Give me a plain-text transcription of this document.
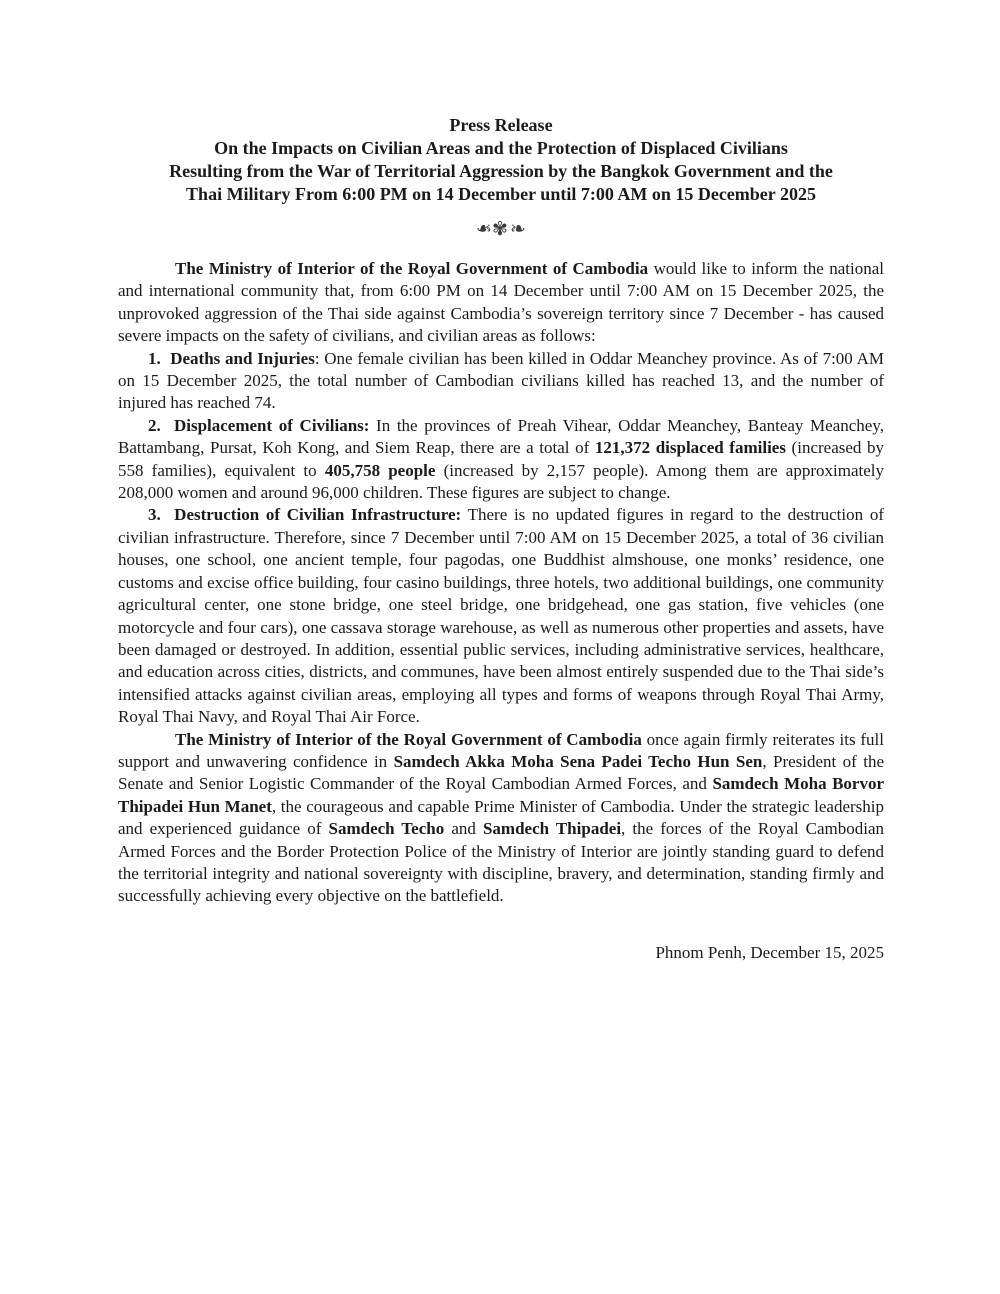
Press Release
On the Impacts on Civilian Areas and the Protection of Displaced Civilians
Resulting from the War of Territorial Aggression by the Bangkok Government and the
Thai Military From 6:00 PM on 14 December until 7:00 AM on 15 December 2025
❧✾❧

The Ministry of Interior of the Royal Government of Cambodia would like to inform the national and international community that, from 6:00 PM on 14 December until 7:00 AM on 15 December 2025, the unprovoked aggression of the Thai side against Cambodia’s sovereign territory since 7 December - has caused severe impacts on the safety of civilians, and civilian areas as follows:

1.  Deaths and Injuries: One female civilian has been killed in Oddar Meanchey province. As of 7:00 AM on 15 December 2025, the total number of Cambodian civilians killed has reached 13, and the number of injured has reached 74.

2.  Displacement of Civilians: In the provinces of Preah Vihear, Oddar Meanchey, Banteay Meanchey, Battambang, Pursat, Koh Kong, and Siem Reap, there are a total of 121,372 displaced families (increased by 558 families), equivalent to 405,758 people (increased by 2,157 people). Among them are approximately 208,000 women and around 96,000 children. These figures are subject to change.

3.  Destruction of Civilian Infrastructure: There is no updated figures in regard to the destruction of civilian infrastructure. Therefore, since 7 December until 7:00 AM on 15 December 2025, a total of 36 civilian houses, one school, one ancient temple, four pagodas, one Buddhist almshouse, one monks’ residence, one customs and excise office building, four casino buildings, three hotels, two additional buildings, one community agricultural center, one stone bridge, one steel bridge, one bridgehead, one gas station, five vehicles (one motorcycle and four cars), one cassava storage warehouse, as well as numerous other properties and assets, have been damaged or destroyed. In addition, essential public services, including administrative services, healthcare, and education across cities, districts, and communes, have been almost entirely suspended due to the Thai side’s intensified attacks against civilian areas, employing all types and forms of weapons through Royal Thai Army, Royal Thai Navy, and Royal Thai Air Force.

The Ministry of Interior of the Royal Government of Cambodia once again firmly reiterates its full support and unwavering confidence in Samdech Akka Moha Sena Padei Techo Hun Sen, President of the Senate and Senior Logistic Commander of the Royal Cambodian Armed Forces, and Samdech Moha Borvor Thipadei Hun Manet, the courageous and capable Prime Minister of Cambodia. Under the strategic leadership and experienced guidance of Samdech Techo and Samdech Thipadei, the forces of the Royal Cambodian Armed Forces and the Border Protection Police of the Ministry of Interior are jointly standing guard to defend the territorial integrity and national sovereignty with discipline, bravery, and determination, standing firmly and successfully achieving every objective on the battlefield.

Phnom Penh, December 15, 2025
